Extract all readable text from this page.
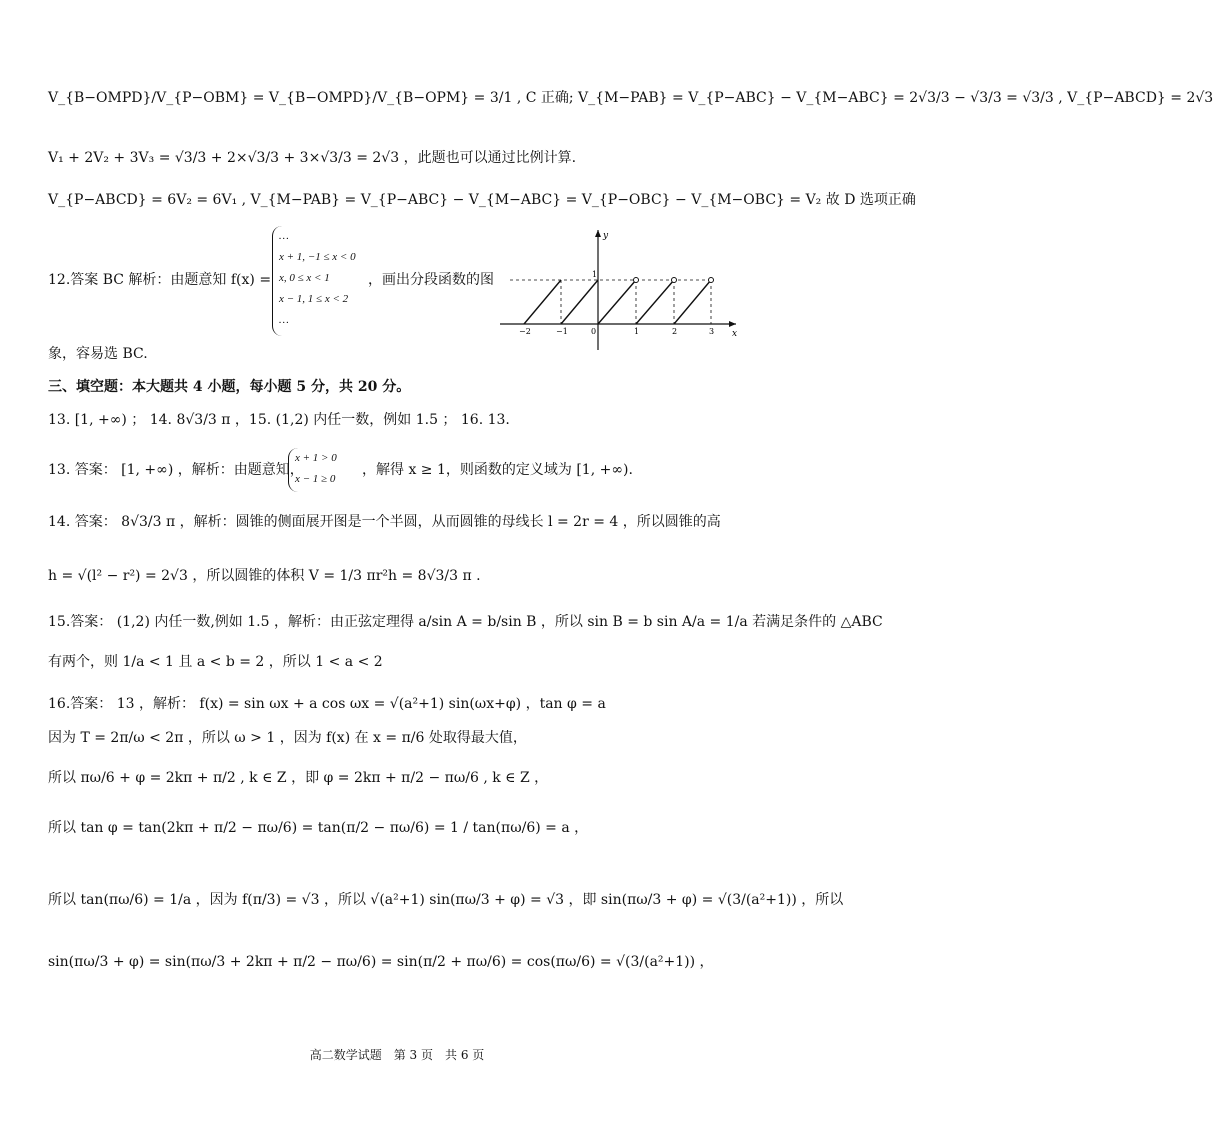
V_{B−OMPD}/V_{P−OBM} = V_{B−OMPD}/V_{B−OPM} = 3/1 , C 正确; V_{M−PAB} = V_{P−ABC} − V_{M−ABC} = 2√3/3 − √3/3 = √3/3 , V_{P−ABCD} = 2√3
V₁ + 2V₂ + 3V₃ = √3/3 + 2×√3/3 + 3×√3/3 = 2√3 ，此题也可以通过比例计算.
V_{P−ABCD} = 6V₂ = 6V₁ , V_{M−PAB} = V_{P−ABC} − V_{M−ABC} = V_{P−OBC} − V_{M−OBC} = V₂ 故 D 选项正确
12.答案 BC 解析：由题意知 f(x) =
…
x + 1, −1 ≤ x < 0
x, 0 ≤ x < 1
x − 1, 1 ≤ x < 2
…
，画出分段函数的图
y
x
1
−2	−1	0	1	2	3
象，容易选 BC.
三、填空题：本大题共 4 小题，每小题 5 分，共 20 分。
13. [1, +∞) ； 14. 8√3/3 π ，15. (1,2) 内任一数，例如 1.5 ； 16. 13.
13. 答案： [1, +∞) ，解析：由题意知，
x + 1 > 0
x − 1 ≥ 0
，解得 x ≥ 1，则函数的定义域为 [1, +∞).
14. 答案： 8√3/3 π ，解析：圆锥的侧面展开图是一个半圆，从而圆锥的母线长 l = 2r = 4 ，所以圆锥的高
h = √(l² − r²) = 2√3 ，所以圆锥的体积 V = 1/3 πr²h = 8√3/3 π .
15.答案： (1,2) 内任一数,例如 1.5 ，解析：由正弦定理得 a/sin A = b/sin B ，所以 sin B = b sin A/a = 1/a 若满足条件的 △ABC
有两个，则 1/a < 1 且 a < b = 2 ，所以 1 < a < 2
16.答案： 13 ，解析： f(x) = sin ωx + a cos ωx = √(a²+1) sin(ωx+φ) ，tan φ = a
因为 T = 2π/ω < 2π ，所以 ω > 1 ，因为 f(x) 在 x = π/6 处取得最大值，
所以 πω/6 + φ = 2kπ + π/2 , k ∈ Z ，即 φ = 2kπ + π/2 − πω/6 , k ∈ Z ，
所以 tan φ = tan(2kπ + π/2 − πω/6) = tan(π/2 − πω/6) = 1 / tan(πω/6) = a ，
所以 tan(πω/6) = 1/a ，因为 f(π/3) = √3 ，所以 √(a²+1) sin(πω/3 + φ) = √3 ，即 sin(πω/3 + φ) = √(3/(a²+1)) ，所以
sin(πω/3 + φ) = sin(πω/3 + 2kπ + π/2 − πω/6) = sin(π/2 + πω/6) = cos(πω/6) = √(3/(a²+1)) ，
高二数学试题　第 3 页　共 6 页
